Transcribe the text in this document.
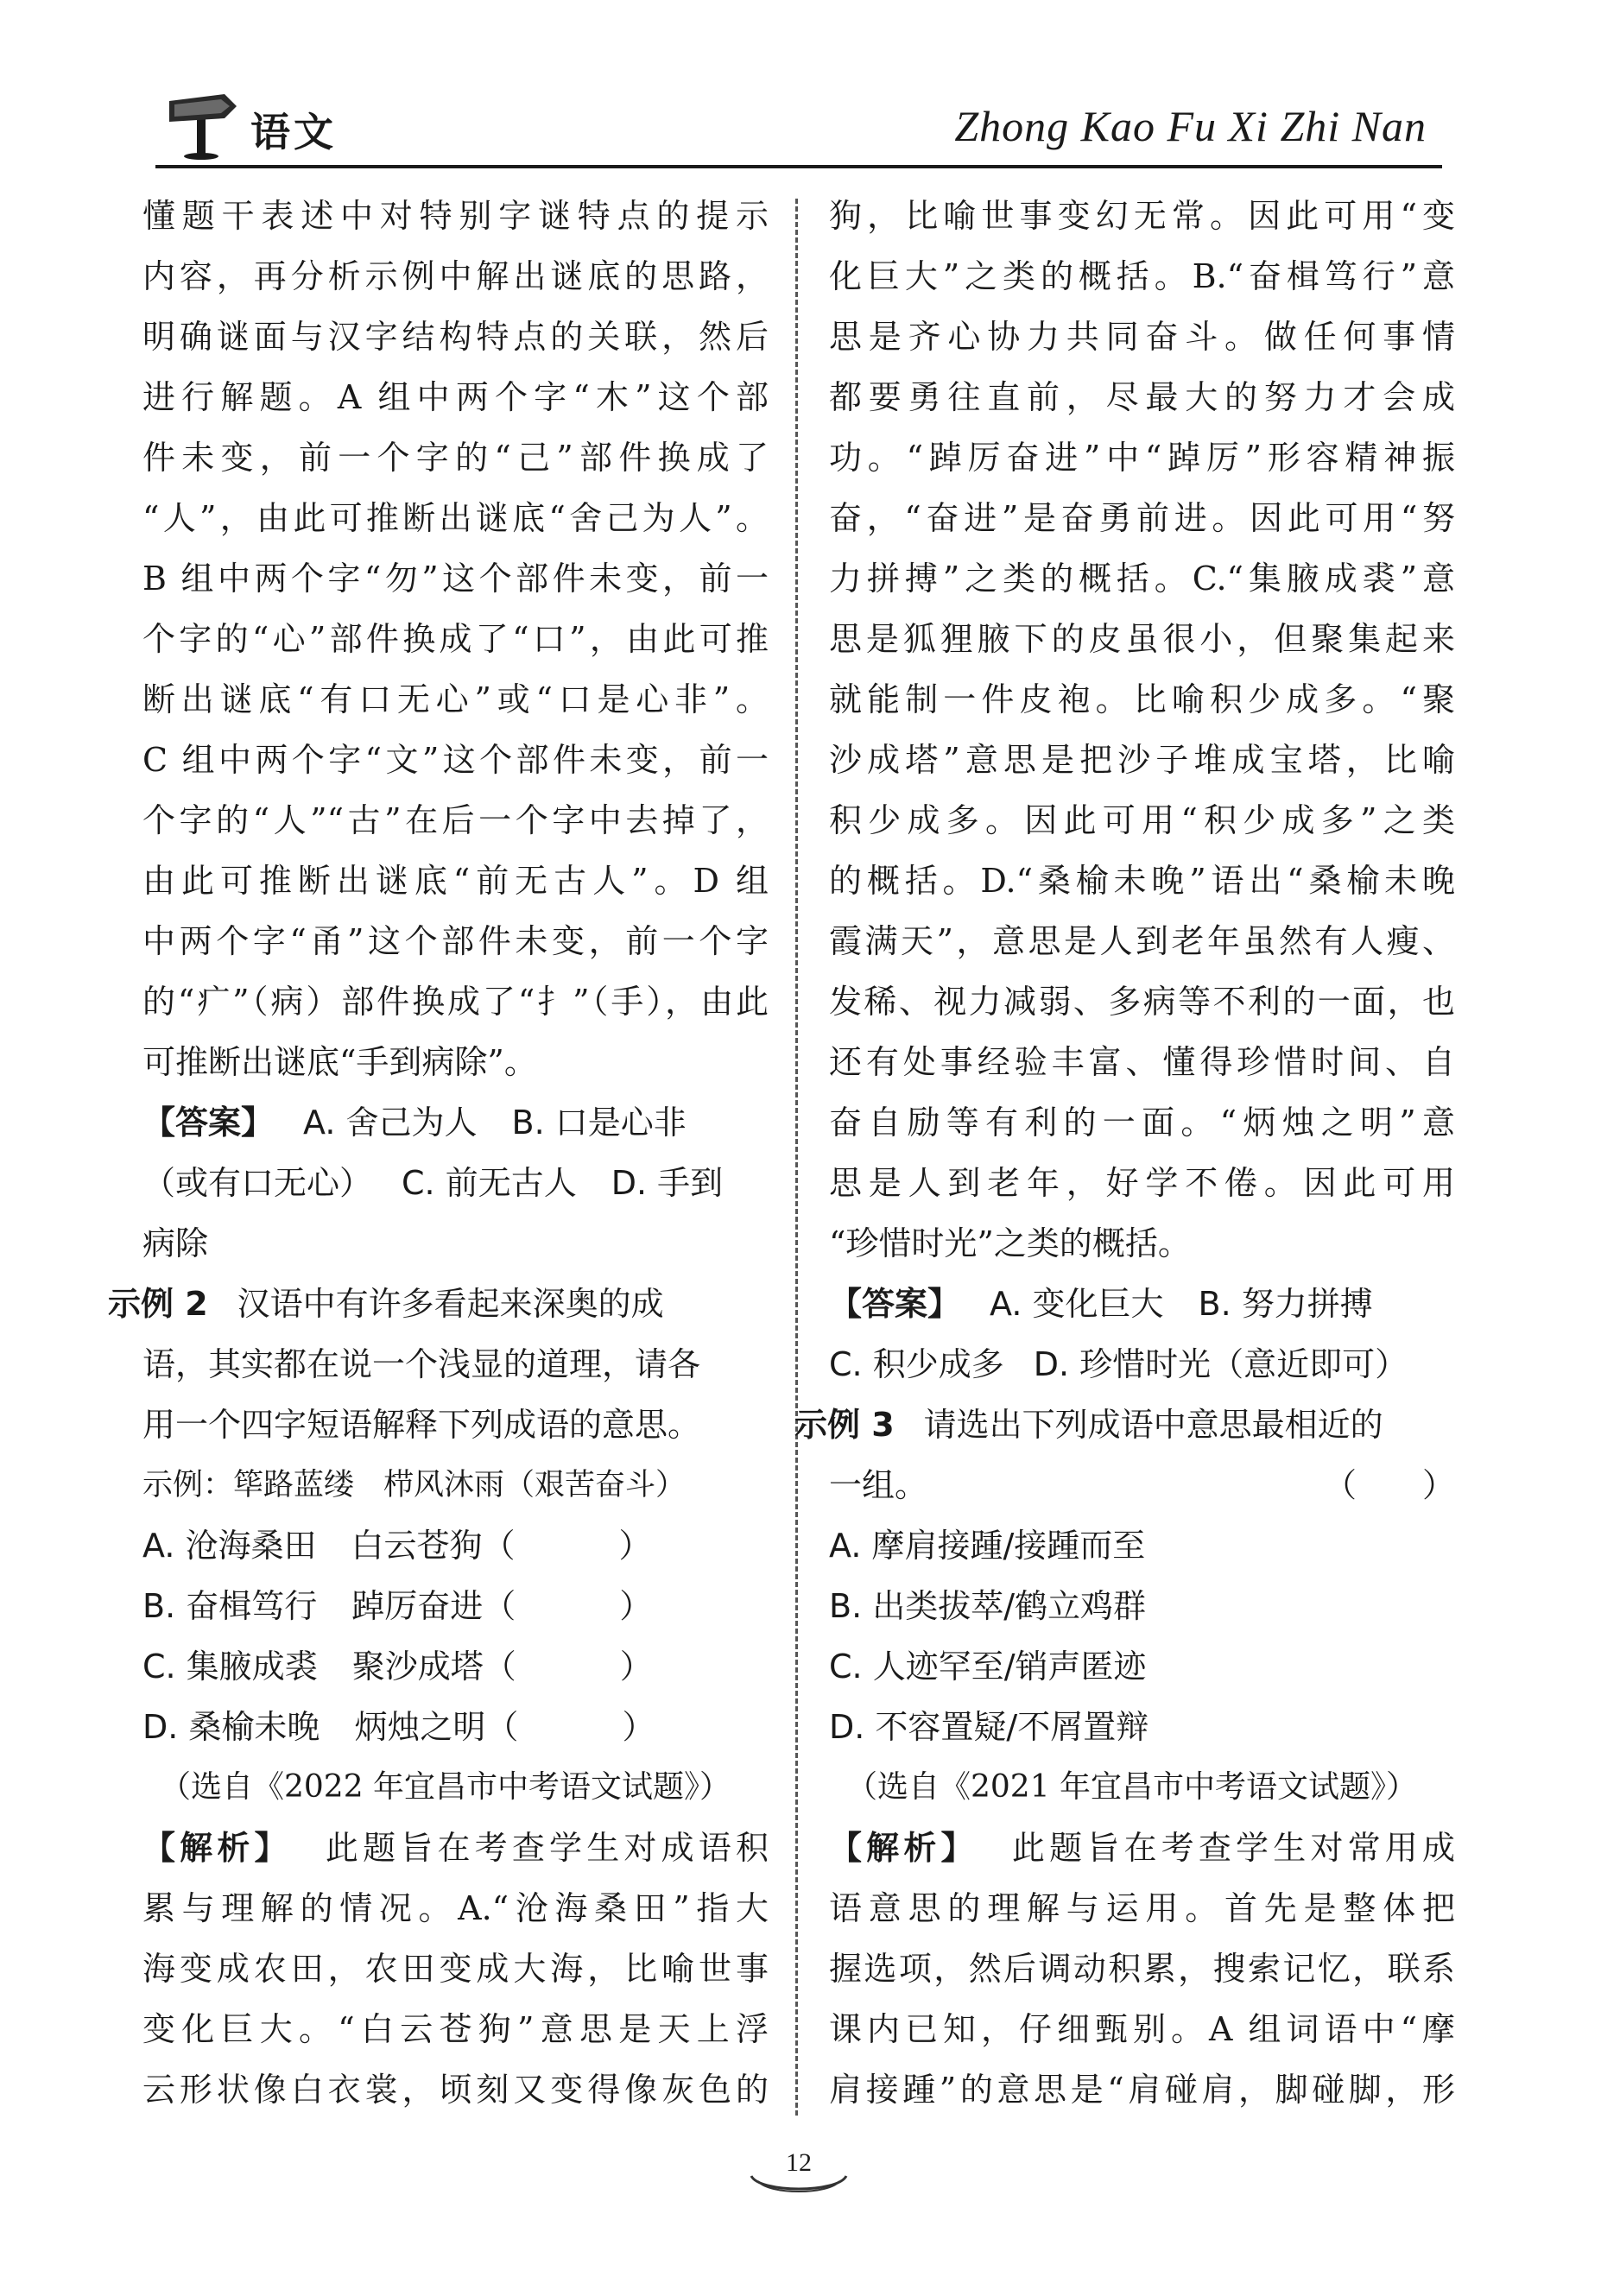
语文	Zhong Kao Fu Xi Zhi Nan
懂题干表述中对特别字谜特点的提示
内容，再分析示例中解出谜底的思路，
明确谜面与汉字结构特点的关联，然后
进行解题。A 组中两个字“木”这个部
件未变，前一个字的“己”部件换成了
“人”，由此可推断出谜底“舍己为人”。
B 组中两个字“勿”这个部件未变，前一
个字的“心”部件换成了“口”，由此可推
断出谜底“有口无心”或“口是心非”。
C 组中两个字“文”这个部件未变，前一
个字的“人”“古”在后一个字中去掉了，
由此可推断出谜底“前无古人”。D 组
中两个字“甬”这个部件未变，前一个字
的“疒”（病）部件换成了“扌”（手），由此
可推断出谜底“手到病除”。
【答案】 A. 舍己为人 B. 口是心非
（或有口无心） C. 前无古人 D. 手到
病除
示例 2 汉语中有许多看起来深奥的成
语，其实都在说一个浅显的道理，请各
用一个四字短语解释下列成语的意思。
示例：筚路蓝缕 栉风沐雨（艰苦奋斗）
A. 沧海桑田 白云苍狗（	）
B. 奋楫笃行 踔厉奋进（	）
C. 集腋成裘 聚沙成塔（	）
D. 桑榆未晚 炳烛之明（	）
（选自《2022 年宜昌市中考语文试题》）
【解析】 此题旨在考查学生对成语积
累与理解的情况。A.“沧海桑田”指大
海变成农田，农田变成大海，比喻世事
变化巨大。“白云苍狗”意思是天上浮
云形状像白衣裳，顷刻又变得像灰色的
狗，比喻世事变幻无常。因此可用“变
化巨大”之类的概括。B.“奋楫笃行”意
思是齐心协力共同奋斗。做任何事情
都要勇往直前，尽最大的努力才会成
功。“踔厉奋进”中“踔厉”形容精神振
奋，“奋进”是奋勇前进。因此可用“努
力拼搏”之类的概括。C.“集腋成裘”意
思是狐狸腋下的皮虽很小，但聚集起来
就能制一件皮袍。比喻积少成多。“聚
沙成塔”意思是把沙子堆成宝塔，比喻
积少成多。因此可用“积少成多”之类
的概括。D.“桑榆未晚”语出“桑榆未晚
霞满天”，意思是人到老年虽然有人瘦、
发稀、视力减弱、多病等不利的一面，也
还有处事经验丰富、懂得珍惜时间、自
奋自励等有利的一面。“炳烛之明”意
思是人到老年，好学不倦。因此可用
“珍惜时光”之类的概括。
【答案】 A. 变化巨大 B. 努力拼搏
C. 积少成多 D. 珍惜时光（意近即可）
示例 3 请选出下列成语中意思最相近的
一组。	（　　）
A. 摩肩接踵/接踵而至
B. 出类拔萃/鹤立鸡群
C. 人迹罕至/销声匿迹
D. 不容置疑/不屑置辩
（选自《2021 年宜昌市中考语文试题》）
【解析】 此题旨在考查学生对常用成
语意思的理解与运用。首先是整体把
握选项，然后调动积累，搜索记忆，联系
课内已知，仔细甄别。A 组词语中“摩
肩接踵”的意思是“肩碰肩，脚碰脚，形
12
